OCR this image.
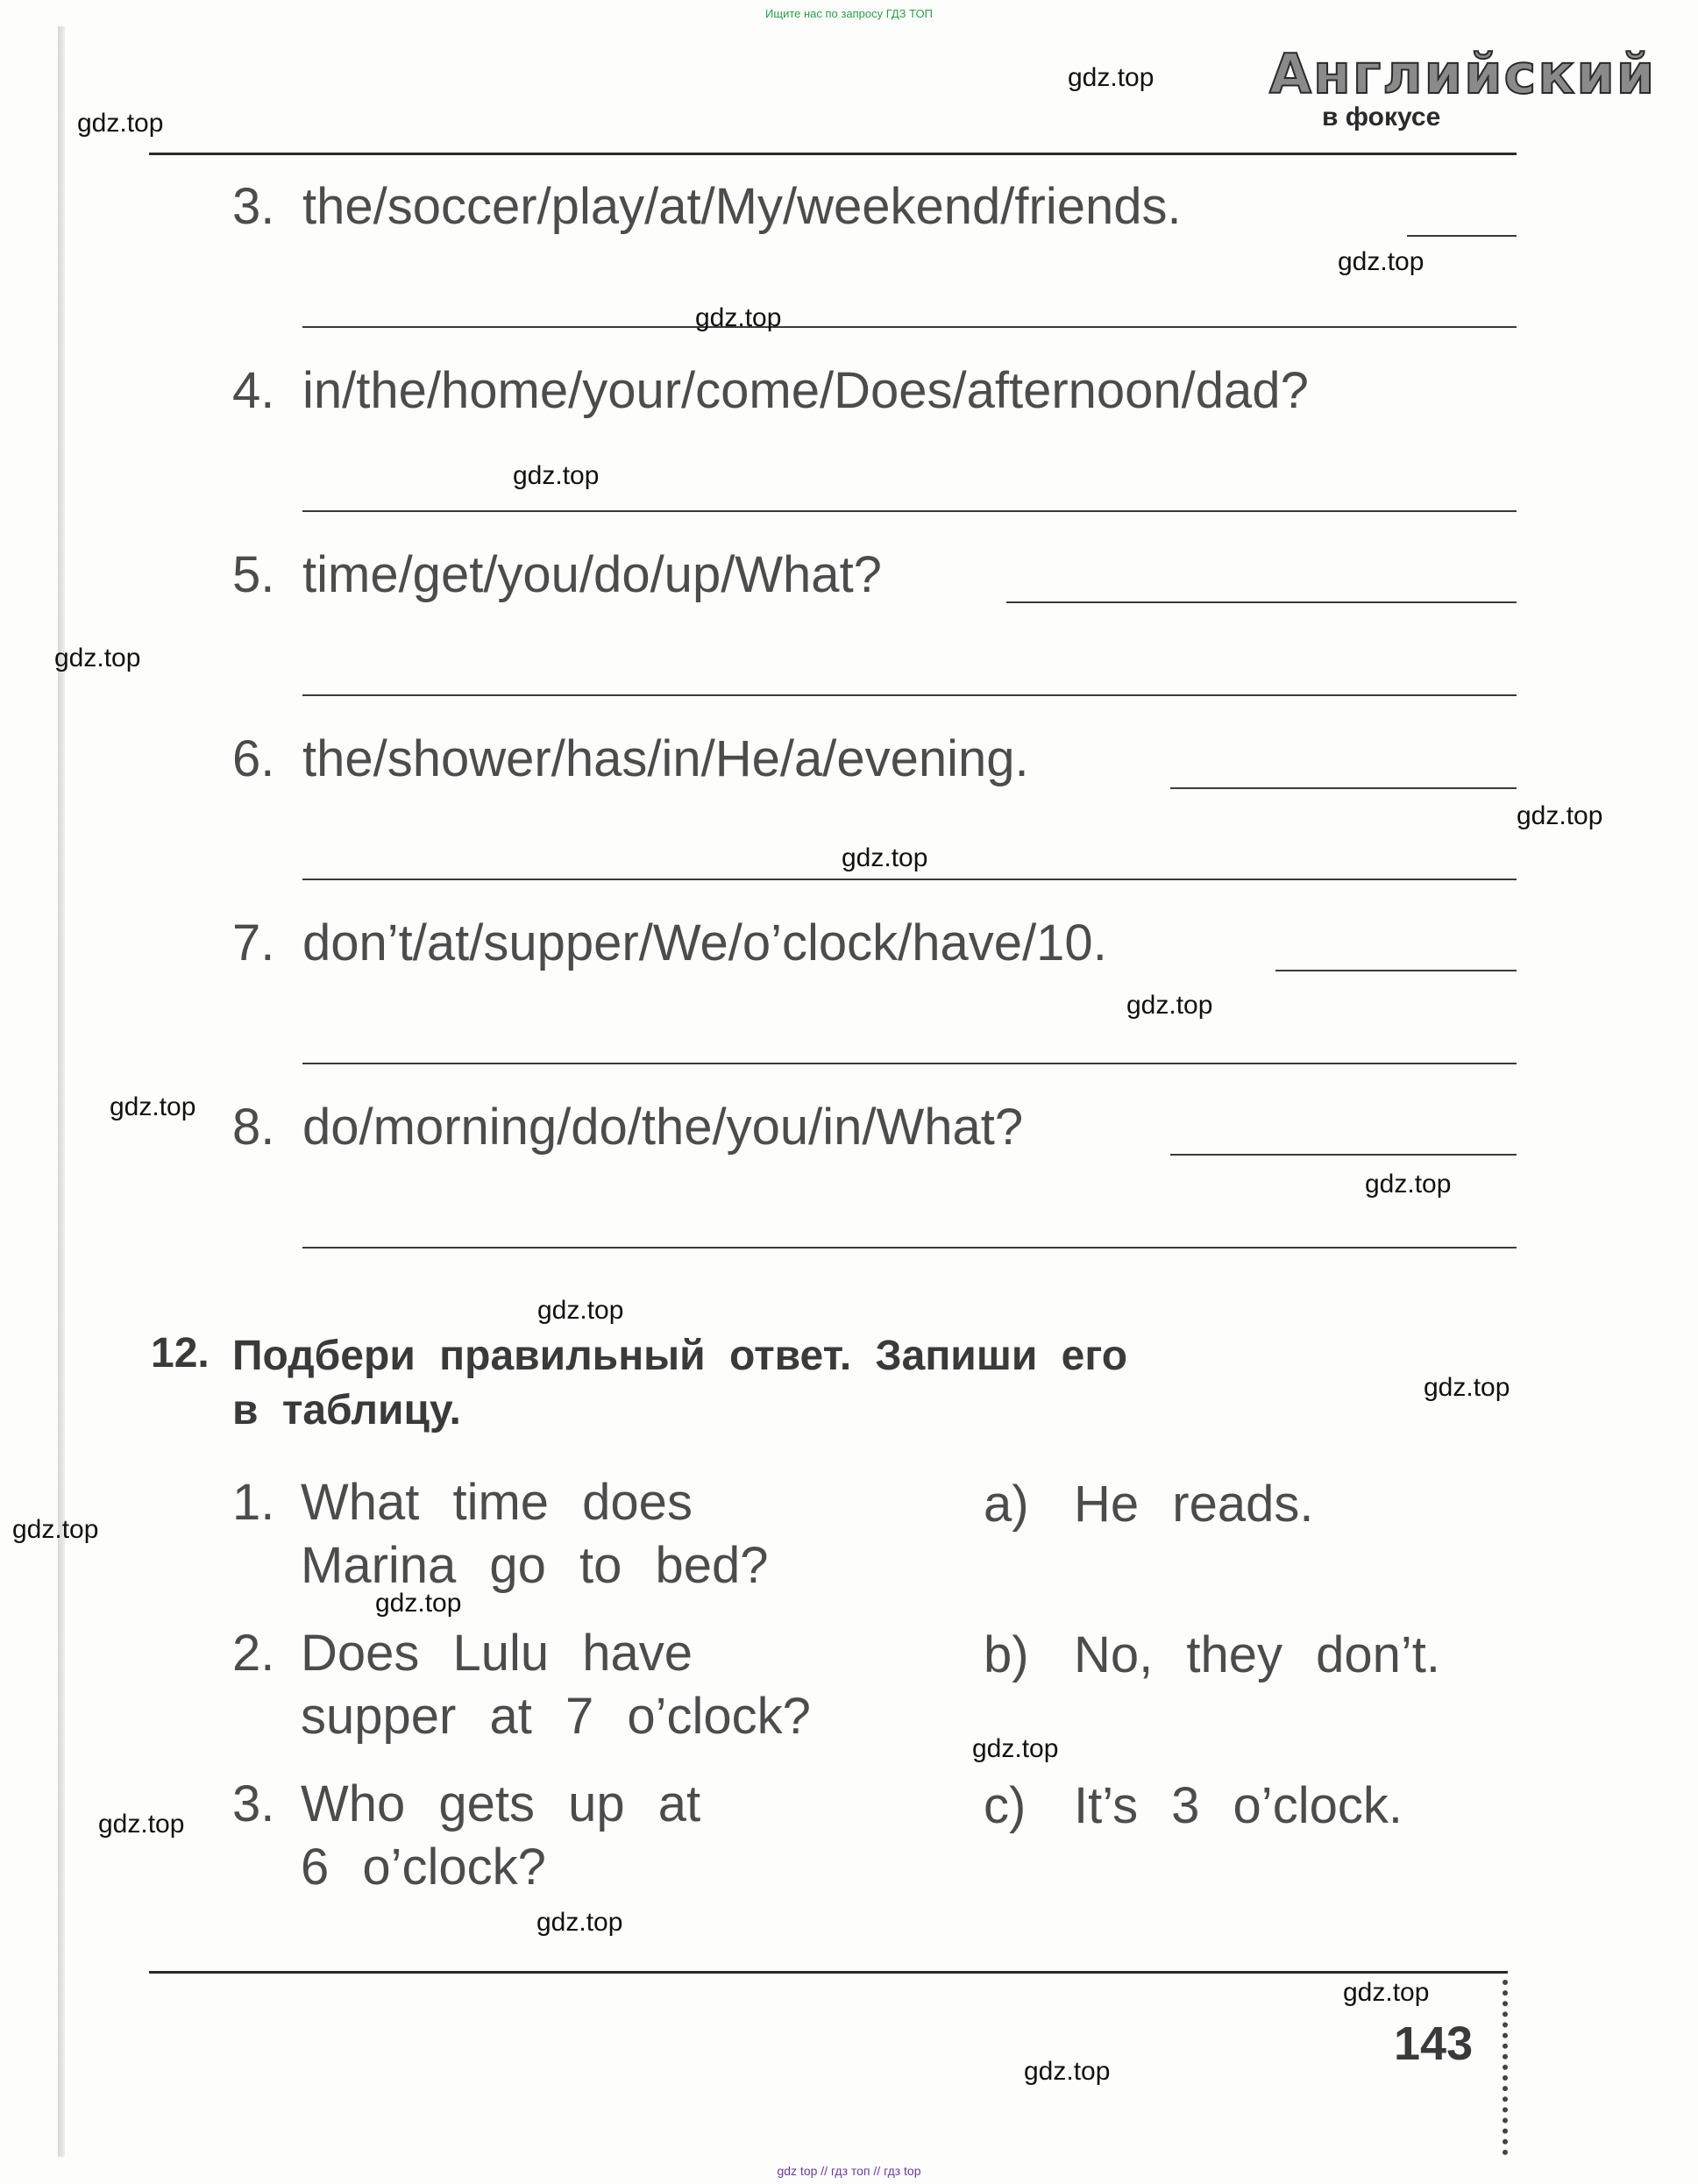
Ищите нас по запросу ГДЗ ТОП
Английский
в фокусе
3. the/soccer/play/at/My/weekend/friends.
4. in/the/home/your/come/Does/afternoon/dad?
5. time/get/you/do/up/What?
6. the/shower/has/in/He/a/evening.
7. don’t/at/supper/We/o’clock/have/10.
8. do/morning/do/the/you/in/What?
12. Подбери правильный ответ. Запиши его
в таблицу.
1. What time does
Marina go to bed?
2. Does Lulu have
supper at 7 o’clock?
3. Who gets up at
6 o’clock?
a) He reads.
b) No, they don’t.
c) It’s 3 o’clock.
143
gdz.top
gdz.top
gdz.top
gdz.top
gdz.top
gdz.top
gdz.top
gdz.top
gdz.top
gdz.top
gdz.top
gdz.top
gdz.top
gdz.top
gdz.top
gdz.top
gdz.top
gdz.top
gdz.top
gdz.top
gdz top // гдз топ // гдз top
